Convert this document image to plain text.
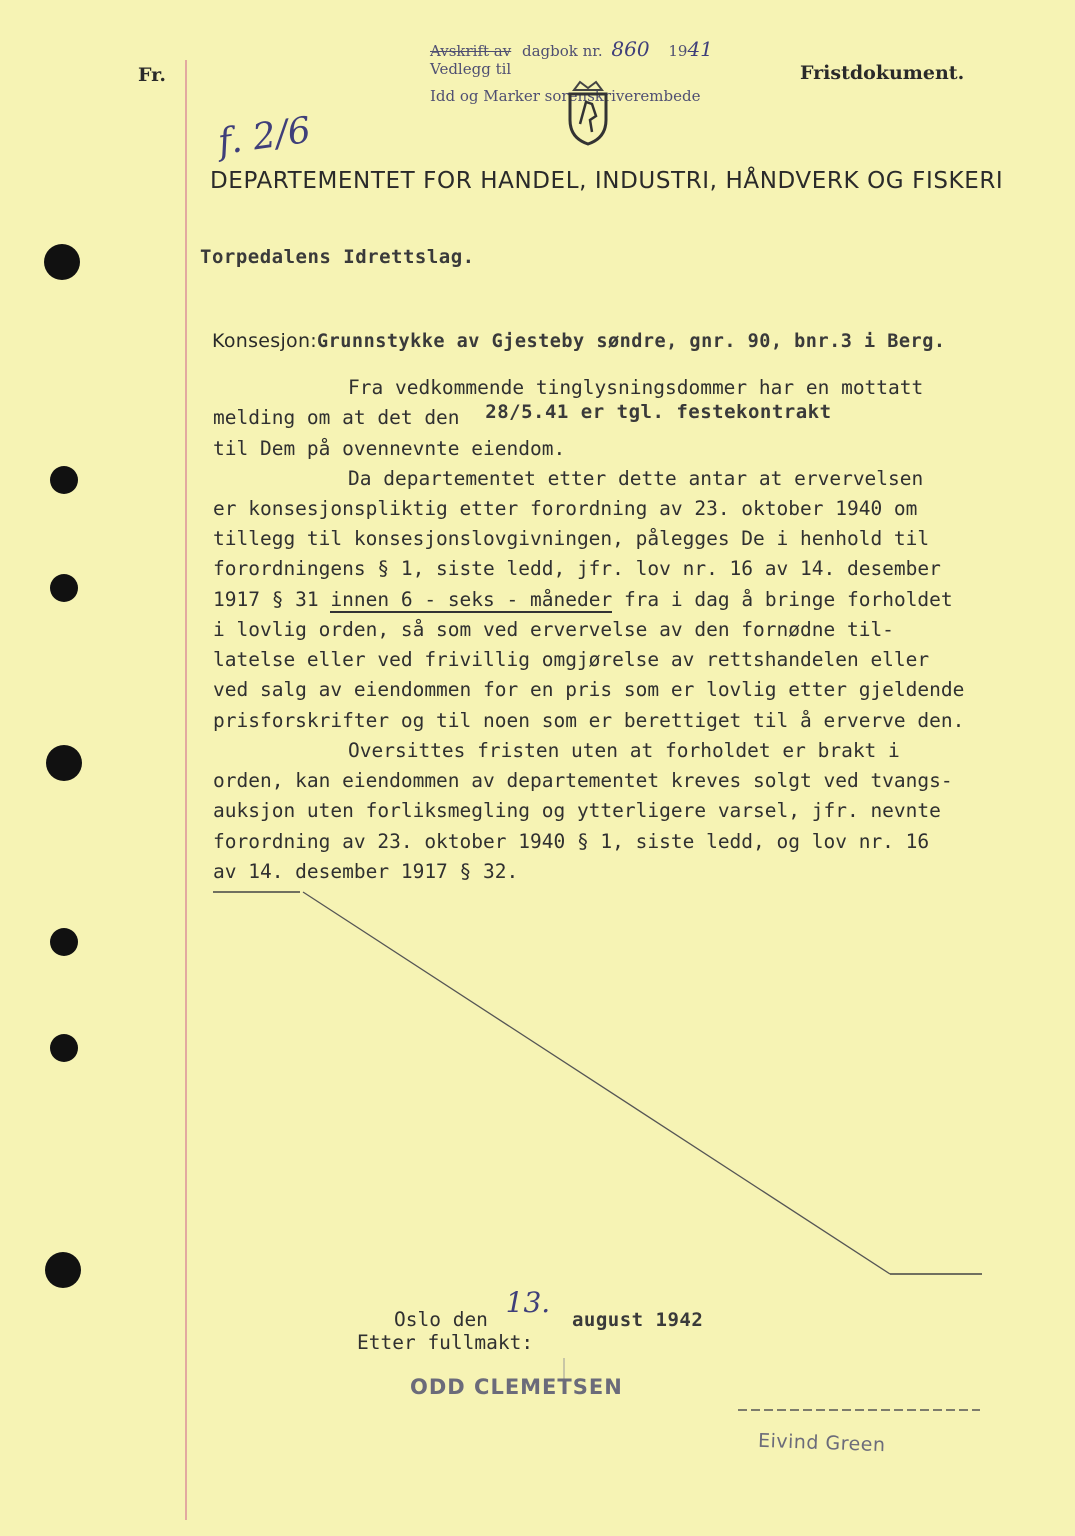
Fr.
Avskrift av dagbok nr. 860 1941
Vedlegg til
Idd og Marker sorenskriverembede
Fristdokument.
f. 2/6
DEPARTEMENTET FOR HANDEL, INDUSTRI, HÅNDVERK OG FISKERI
Torpedalens Idrettslag.
Konsesjon:Grunnstykke av Gjesteby søndre, gnr. 90, bnr.3 i Berg.
Fra vedkommende tinglysningsdommer har en mottatt
melding om at det den 28/5.41 er tgl. festekontrakt
til Dem på ovennevnte eiendom.
Da departementet etter dette antar at ervervelsen
er konsesjonspliktig etter forordning av 23. oktober 1940 om
tillegg til konsesjonslovgivningen, pålegges De i henhold til
forordningens § 1, siste ledd, jfr. lov nr. 16 av 14. desember
1917 § 31 innen 6 - seks - måneder fra i dag å bringe forholdet
i lovlig orden, så som ved ervervelse av den fornødne til-
latelse eller ved frivillig omgjørelse av rettshandelen eller
ved salg av eiendommen for en pris som er lovlig etter gjeldende
prisforskrifter og til noen som er berettiget til å erverve den.
Oversittes fristen uten at forholdet er brakt i
orden, kan eiendommen av departementet kreves solgt ved tvangs-
auksjon uten forliksmegling og ytterligere varsel, jfr. nevnte
forordning av 23. oktober 1940 § 1, siste ledd, og lov nr. 16
av 14. desember 1917 § 32.
Oslo den 13. august 1942
Etter fullmakt:
ODD CLEMETSEN
Eivind Green
